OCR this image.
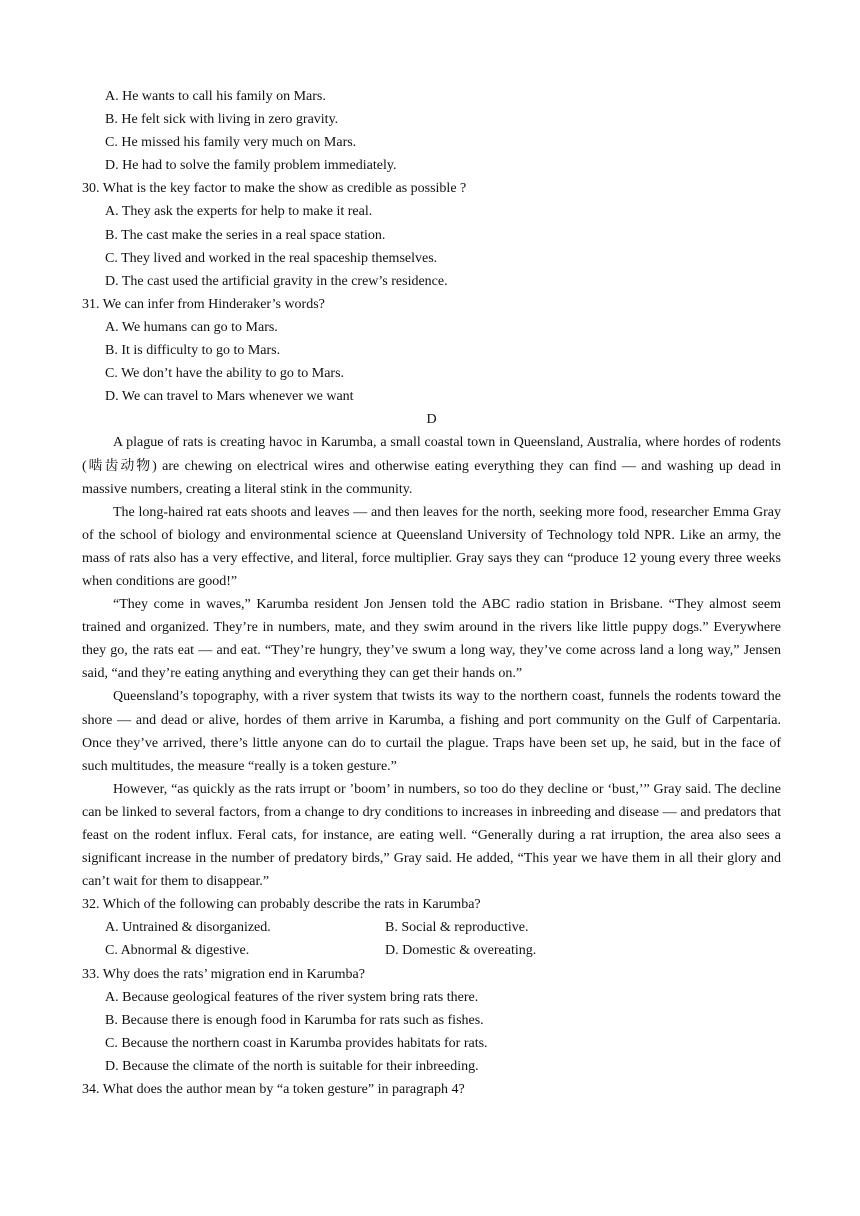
A. He wants to call his family on Mars.
B. He felt sick with living in zero gravity.
C. He missed his family very much on Mars.
D. He had to solve the family problem immediately.
30. What is the key factor to make the show as credible as possible ?
A. They ask the experts for help to make it real.
B. The cast make the series in a real space station.
C. They lived and worked in the real spaceship themselves.
D. The cast used the artificial gravity in the crew’s residence.
31. We can infer from Hinderaker’s words?
A. We humans can go to Mars.
B. It is difficulty to go to Mars.
C. We don’t have the ability to go to Mars.
D. We can travel to Mars whenever we want
D

A plague of rats is creating havoc in Karumba, a small coastal town in Queensland, Australia, where hordes of rodents (啮齿动物) are chewing on electrical wires and otherwise eating everything they can find — and washing up dead in massive numbers, creating a literal stink in the community.

The long-haired rat eats shoots and leaves — and then leaves for the north, seeking more food, researcher Emma Gray of the school of biology and environmental science at Queensland University of Technology told NPR. Like an army, the mass of rats also has a very effective, and literal, force multiplier. Gray says they can “produce 12 young every three weeks when conditions are good!”

“They come in waves,” Karumba resident Jon Jensen told the ABC radio station in Brisbane. “They almost seem trained and organized. They’re in numbers, mate, and they swim around in the rivers like little puppy dogs.” Everywhere they go, the rats eat — and eat. “They’re hungry, they’ve swum a long way, they’ve come across land a long way,” Jensen said, “and they’re eating anything and everything they can get their hands on.”

Queensland’s topography, with a river system that twists its way to the northern coast, funnels the rodents toward the shore — and dead or alive, hordes of them arrive in Karumba, a fishing and port community on the Gulf of Carpentaria. Once they’ve arrived, there’s little anyone can do to curtail the plague. Traps have been set up, he said, but in the face of such multitudes, the measure “really is a token gesture.”

However, “as quickly as the rats irrupt or ’boom’ in numbers, so too do they decline or ‘bust,’” Gray said. The decline can be linked to several factors, from a change to dry conditions to increases in inbreeding and disease — and predators that feast on the rodent influx. Feral cats, for instance, are eating well. “Generally during a rat irruption, the area also sees a significant increase in the number of predatory birds,” Gray said. He added, “This year we have them in all their glory and can’t wait for them to disappear.”

32. Which of the following can probably describe the rats in Karumba?
A. Untrained & disorganized.	B. Social & reproductive.
C. Abnormal & digestive.	D. Domestic & overeating.
33. Why does the rats’ migration end in Karumba?
A. Because geological features of the river system bring rats there.
B. Because there is enough food in Karumba for rats such as fishes.
C. Because the northern coast in Karumba provides habitats for rats.
D. Because the climate of the north is suitable for their inbreeding.
34. What does the author mean by “a token gesture” in paragraph 4?
